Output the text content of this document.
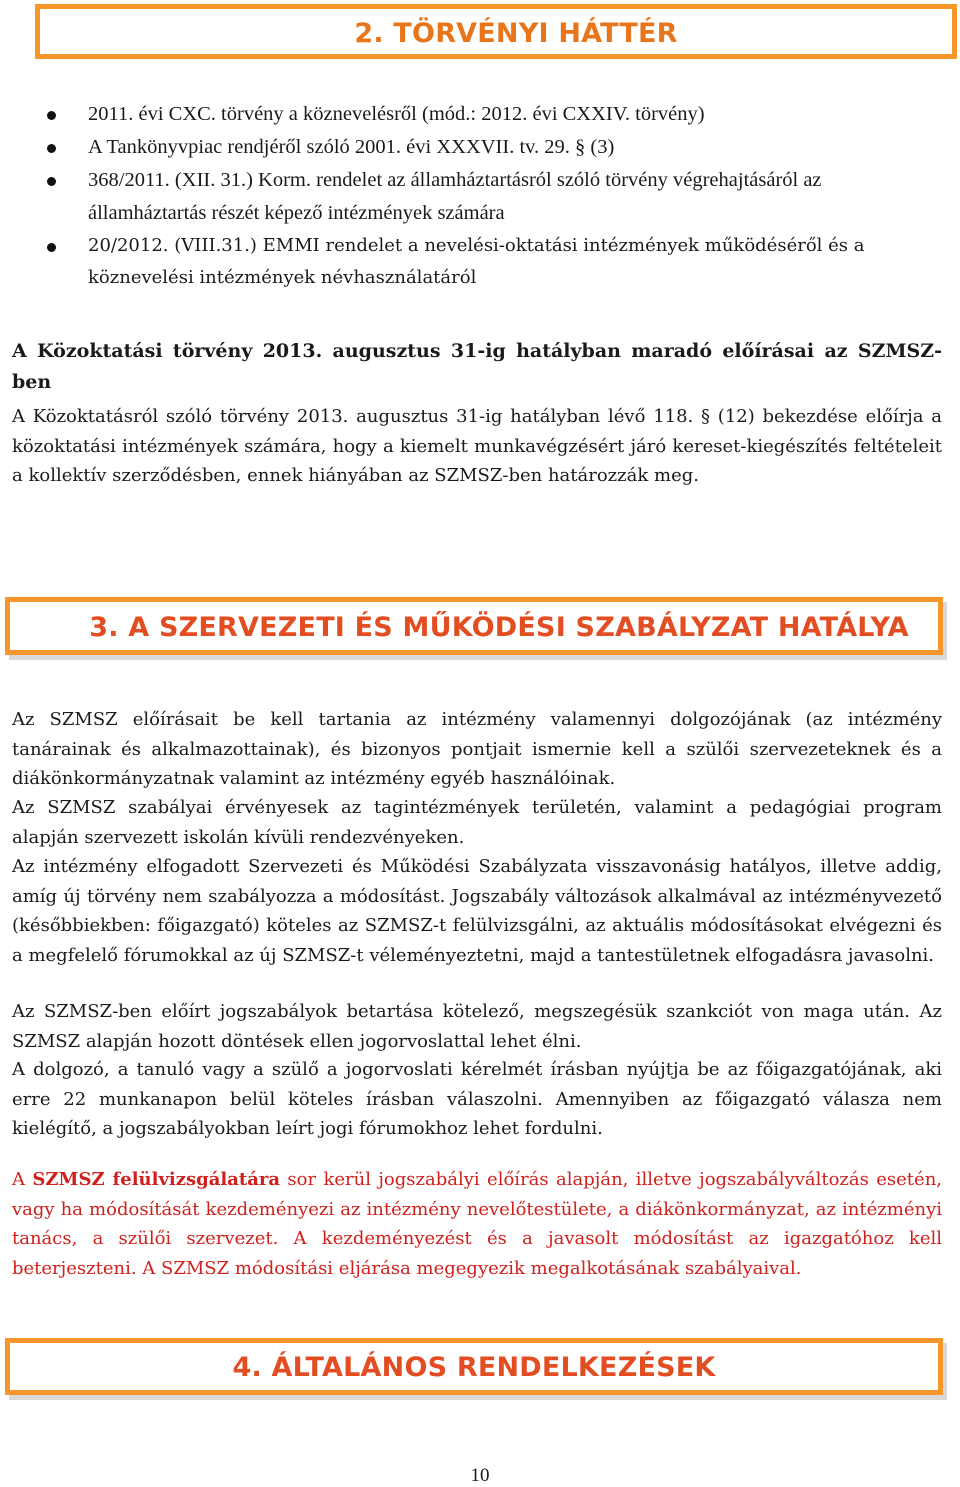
2. TÖRVÉNYI HÁTTÉR
2011. évi CXC. törvény a köznevelésről (mód.: 2012. évi CXXIV. törvény)
A Tankönyvpiac rendjéről szóló 2001. évi XXXVII. tv. 29. § (3)
368/2011. (XII. 31.) Korm. rendelet az államháztartásról szóló törvény végrehajtásáról az államháztartás részét képező intézmények számára
20/2012. (VIII.31.) EMMI rendelet a nevelési-oktatási intézmények működéséről és a köznevelési intézmények névhasználatáról
A Közoktatási törvény 2013. augusztus 31-ig hatályban maradó előírásai az SZMSZ-ben
A Közoktatásról szóló törvény 2013. augusztus 31-ig hatályban lévő 118. § (12) bekezdése előírja a közoktatási intézmények számára, hogy a kiemelt munkavégzésért járó kereset-kiegészítés feltételeit a kollektív szerződésben, ennek hiányában az SZMSZ-ben határozzák meg.
3. A SZERVEZETI ÉS MŰKÖDÉSI SZABÁLYZAT HATÁLYA
Az SZMSZ előírásait be kell tartania az intézmény valamennyi dolgozójának (az intézmény tanárainak és alkalmazottainak), és bizonyos pontjait ismernie kell a szülői szervezeteknek és a diákönkormányzatnak valamint az intézmény egyéb használóinak.
Az SZMSZ szabályai érvényesek az tagintézmények területén, valamint a pedagógiai program alapján szervezett iskolán kívüli rendezvényeken.
Az intézmény elfogadott Szervezeti és Működési Szabályzata visszavonásig hatályos, illetve addig, amíg új törvény nem szabályozza a módosítást. Jogszabály változások alkalmával az intézményvezető (későbbiekben: főigazgató) köteles az SZMSZ-t felülvizsgálni, az aktuális módosításokat elvégezni és a megfelelő fórumokkal az új SZMSZ-t véleményeztetni, majd a tantestületnek elfogadásra javasolni.
Az SZMSZ-ben előírt jogszabályok betartása kötelező, megszegésük szankciót von maga után. Az SZMSZ alapján hozott döntések ellen jogorvoslattal lehet élni.
A dolgozó, a tanuló vagy a szülő a jogorvoslati kérelmét írásban nyújtja be az főigazgatójának, aki erre 22 munkanapon belül köteles írásban válaszolni. Amennyiben az főigazgató válasza nem kielégítő, a jogszabályokban leírt jogi fórumokhoz lehet fordulni.
A SZMSZ felülvizsgálatára sor kerül jogszabályi előírás alapján, illetve jogszabályváltozás esetén, vagy ha módosítását kezdeményezi az intézmény nevelőtestülete, a diákönkormányzat, az intézményi tanács, a szülői szervezet. A kezdeményezést és a javasolt módosítást az igazgatóhoz kell beterjeszteni. A SZMSZ módosítási eljárása megegyezik megalkotásának szabályaival.
4. ÁLTALÁNOS RENDELKEZÉSEK
10
